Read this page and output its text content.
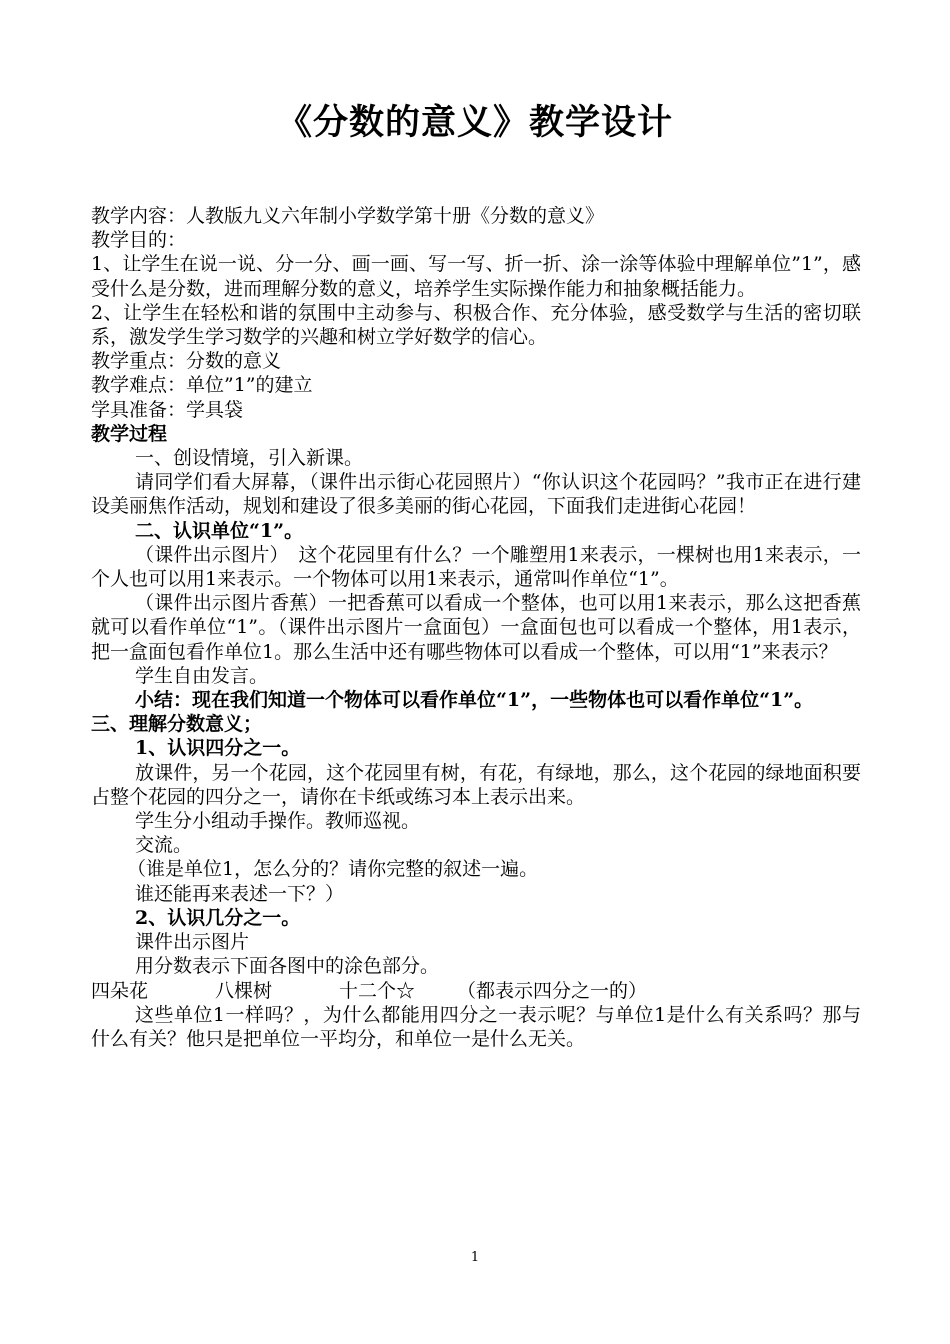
《分数的意义》教学设计

教学内容：人教版九义六年制小学数学第十册《分数的意义》

教学目的：

1、让学生在说一说、分一分、画一画、写一写、折一折、涂一涂等体验中理解单位”1”，感受什么是分数，进而理解分数的意义，培养学生实际操作能力和抽象概括能力。

2、让学生在轻松和谐的氛围中主动参与、积极合作、充分体验，感受数学与生活的密切联系，激发学生学习数学的兴趣和树立学好数学的信心。

教学重点：分数的意义

教学难点：单位”1”的建立

学具准备：学具袋

教学过程

一、创设情境，引入新课。

请同学们看大屏幕，（课件出示街心花园照片）“你认识这个花园吗？”我市正在进行建设美丽焦作活动，规划和建设了很多美丽的街心花园，下面我们走进街心花园！

二、认识单位“1”。

（课件出示图片）　这个花园里有什么？一个雕塑用1来表示，一棵树也用1来表示，一个人也可以用1来表示。一个物体可以用1来表示，通常叫作单位“1”。

（课件出示图片香蕉）一把香蕉可以看成一个整体，也可以用1来表示，那么这把香蕉就可以看作单位“1”。（课件出示图片一盒面包）一盒面包也可以看成一个整体，用1表示，把一盒面包看作单位1。那么生活中还有哪些物体可以看成一个整体，可以用“1”来表示？

学生自由发言。

小结：现在我们知道一个物体可以看作单位“1”，一些物体也可以看作单位“1”。

三、理解分数意义；

1、认识四分之一。

放课件，另一个花园，这个花园里有树，有花，有绿地，那么，这个花园的绿地面积要占整个花园的四分之一，请你在卡纸或练习本上表示出来。

学生分小组动手操作。教师巡视。

交流。

（谁是单位1，怎么分的？请你完整的叙述一遍。

谁还能再来表述一下？）

2、认识几分之一。

课件出示图片

用分数表示下面各图中的涂色部分。

四朵花	八棵树	十二个☆ （都表示四分之一的）

这些单位1一样吗？，为什么都能用四分之一表示呢？与单位1是什么有关系吗？那与什么有关？他只是把单位一平均分，和单位一是什么无关。

1
